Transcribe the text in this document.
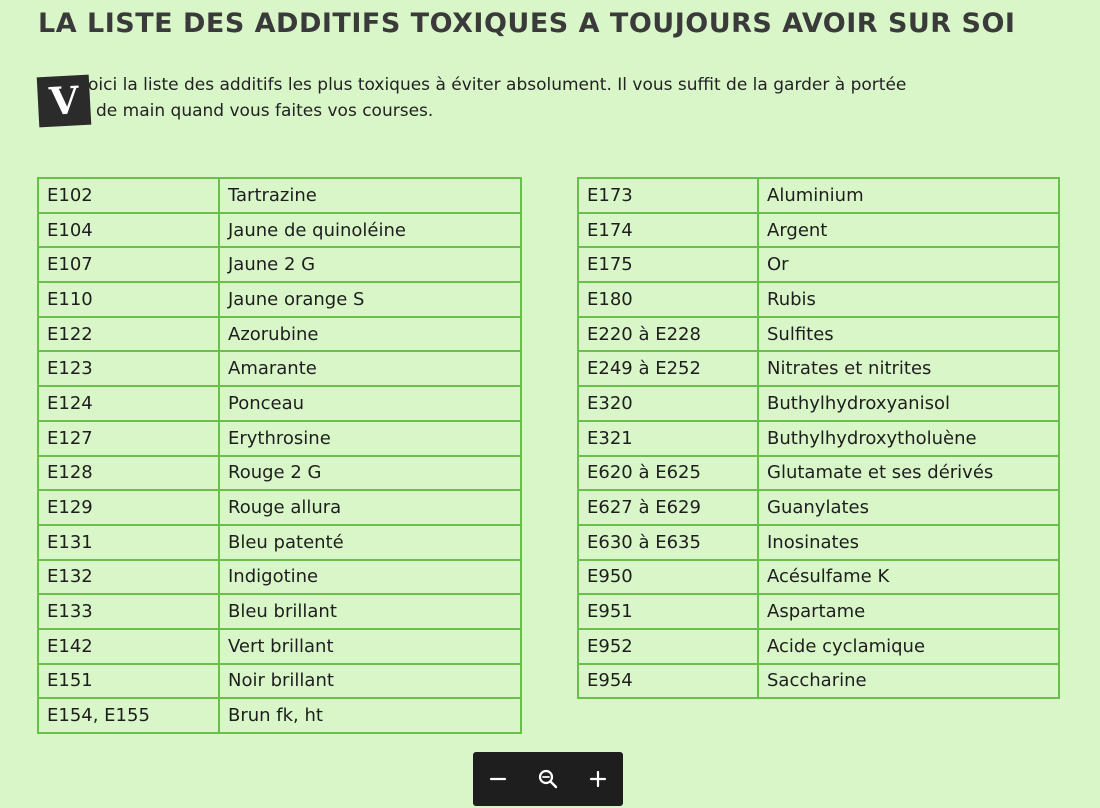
LA LISTE DES ADDITIFS TOXIQUES A TOUJOURS AVOIR SUR SOI
V oici la liste des additifs les plus toxiques à éviter absolument. Il vous suffit de la garder à portée
de main quand vous faites vos courses.
E102	Tartrazine
E104	Jaune de quinoléine
E107	Jaune 2 G
E110	Jaune orange S
E122	Azorubine
E123	Amarante
E124	Ponceau
E127	Erythrosine
E128	Rouge 2 G
E129	Rouge allura
E131	Bleu patenté
E132	Indigotine
E133	Bleu brillant
E142	Vert brillant
E151	Noir brillant
E154, E155	Brun fk, ht
E173	Aluminium
E174	Argent
E175	Or
E180	Rubis
E220 à E228	Sulfites
E249 à E252	Nitrates et nitrites
E320	Buthylhydroxyanisol
E321	Buthylhydroxytholuène
E620 à E625	Glutamate et ses dérivés
E627 à E629	Guanylates
E630 à E635	Inosinates
E950	Acésulfame K
E951	Aspartame
E952	Acide cyclamique
E954	Saccharine
